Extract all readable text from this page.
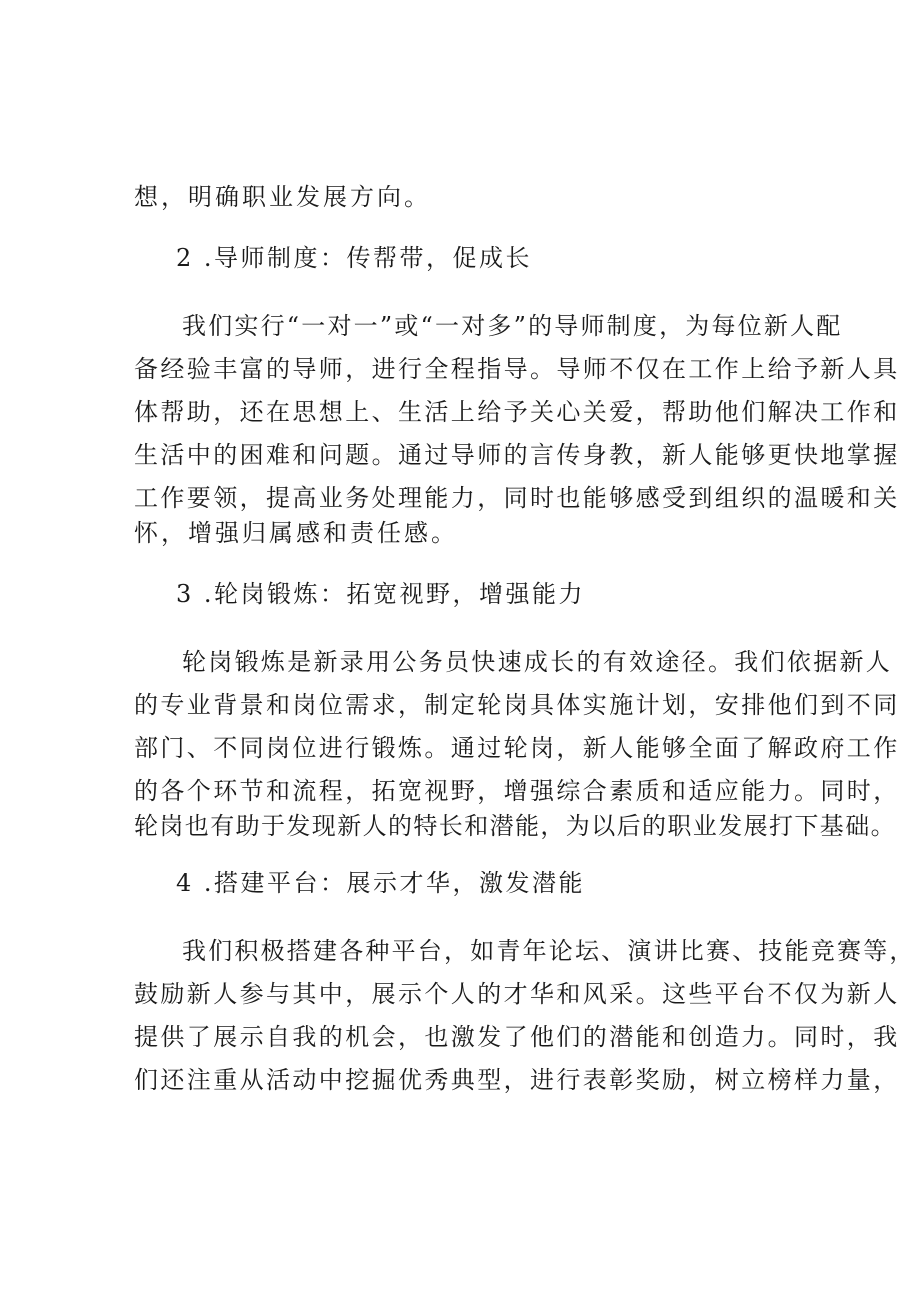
想，明确职业发展方向。
2 .导师制度：传帮带，促成长
我们实行“一对一”或“一对多”的导师制度，为每位新人配
备经验丰富的导师，进行全程指导。导师不仅在工作上给予新人具
体帮助，还在思想上、生活上给予关心关爱，帮助他们解决工作和
生活中的困难和问题。通过导师的言传身教，新人能够更快地掌握
工作要领，提高业务处理能力，同时也能够感受到组织的温暖和关
怀，增强归属感和责任感。
3 .轮岗锻炼：拓宽视野，增强能力
轮岗锻炼是新录用公务员快速成长的有效途径。我们依据新人
的专业背景和岗位需求，制定轮岗具体实施计划，安排他们到不同
部门、不同岗位进行锻炼。通过轮岗，新人能够全面了解政府工作
的各个环节和流程，拓宽视野，增强综合素质和适应能力。同时，
轮岗也有助于发现新人的特长和潜能，为以后的职业发展打下基础。
4 .搭建平台：展示才华，激发潜能
我们积极搭建各种平台，如青年论坛、演讲比赛、技能竞赛等，
鼓励新人参与其中，展示个人的才华和风采。这些平台不仅为新人
提供了展示自我的机会，也激发了他们的潜能和创造力。同时，我
们还注重从活动中挖掘优秀典型，进行表彰奖励，树立榜样力量，
